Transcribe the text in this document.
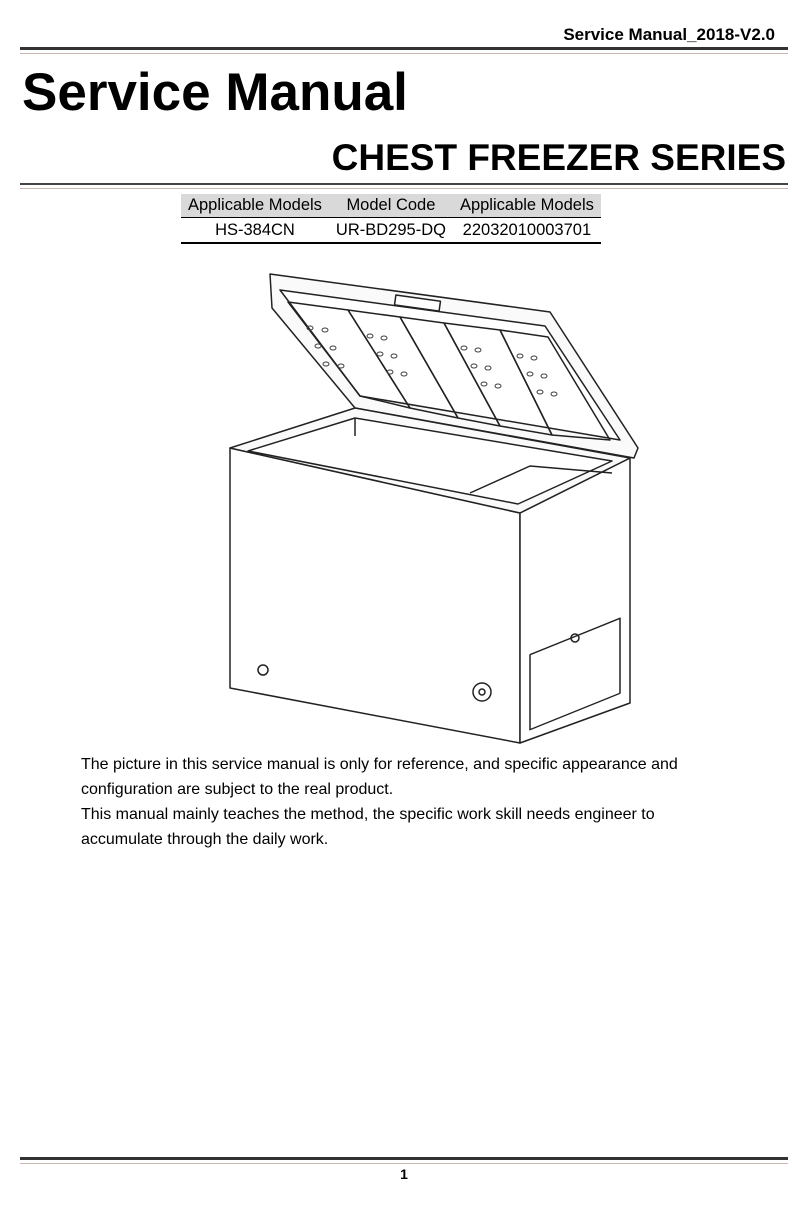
Service Manual_2018-V2.0
Service Manual
CHEST FREEZER SERIES
Applicable Models	Model Code	Applicable Models
HS-384CN	UR-BD295-DQ	22032010003701

The picture in this service manual is only for reference, and specific appearance and configuration are subject to the real product.

This manual mainly teaches the method, the specific work skill needs engineer to accumulate through the daily work.

1
